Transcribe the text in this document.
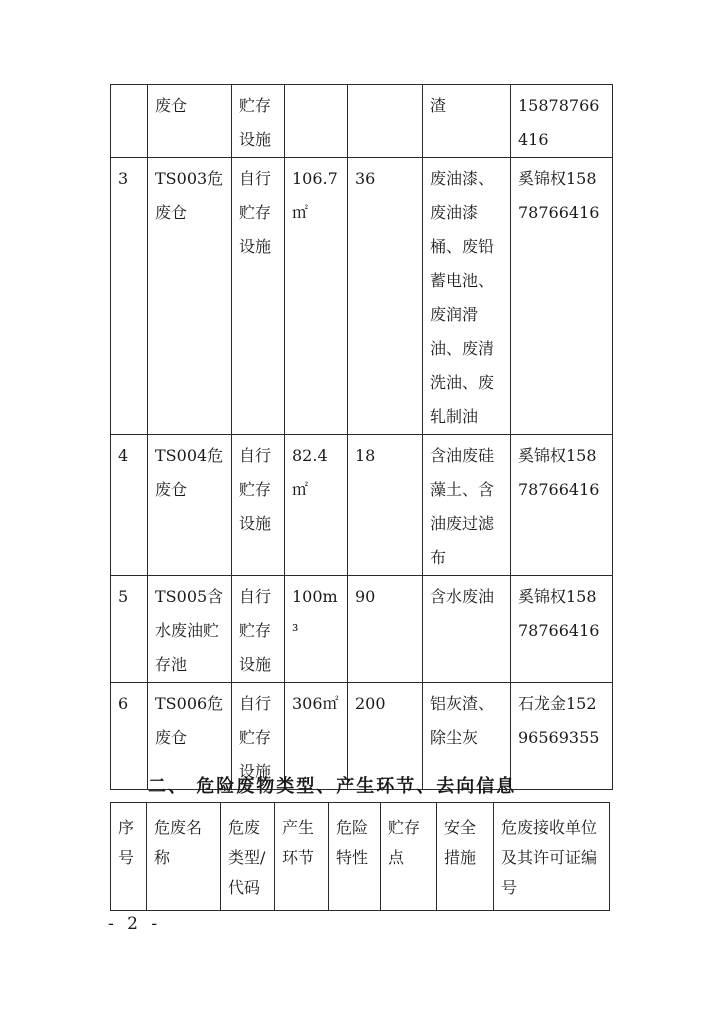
	废仓	贮存设施			渣	15878766416
3	TS003危废仓	自行贮存设施	106.7㎡	36	废油漆、废油漆桶、废铅蓄电池、废润滑油、废清洗油、废轧制油	奚锦权15878766416
4	TS004危废仓	自行贮存设施	82.4㎡	18	含油废硅藻土、含油废过滤布	奚锦权15878766416
5	TS005含水废油贮存池	自行贮存设施	100m³	90	含水废油	奚锦权15878766416
6	TS006危废仓	自行贮存设施	306㎡	200	铝灰渣、除尘灰	石龙金15296569355
二、 危险废物类型、产生环节、去向信息
序号	危废名称	危废类型/代码	产生环节	危险特性	贮存点	安全措施	危废接收单位及其许可证编号
- 2 -
